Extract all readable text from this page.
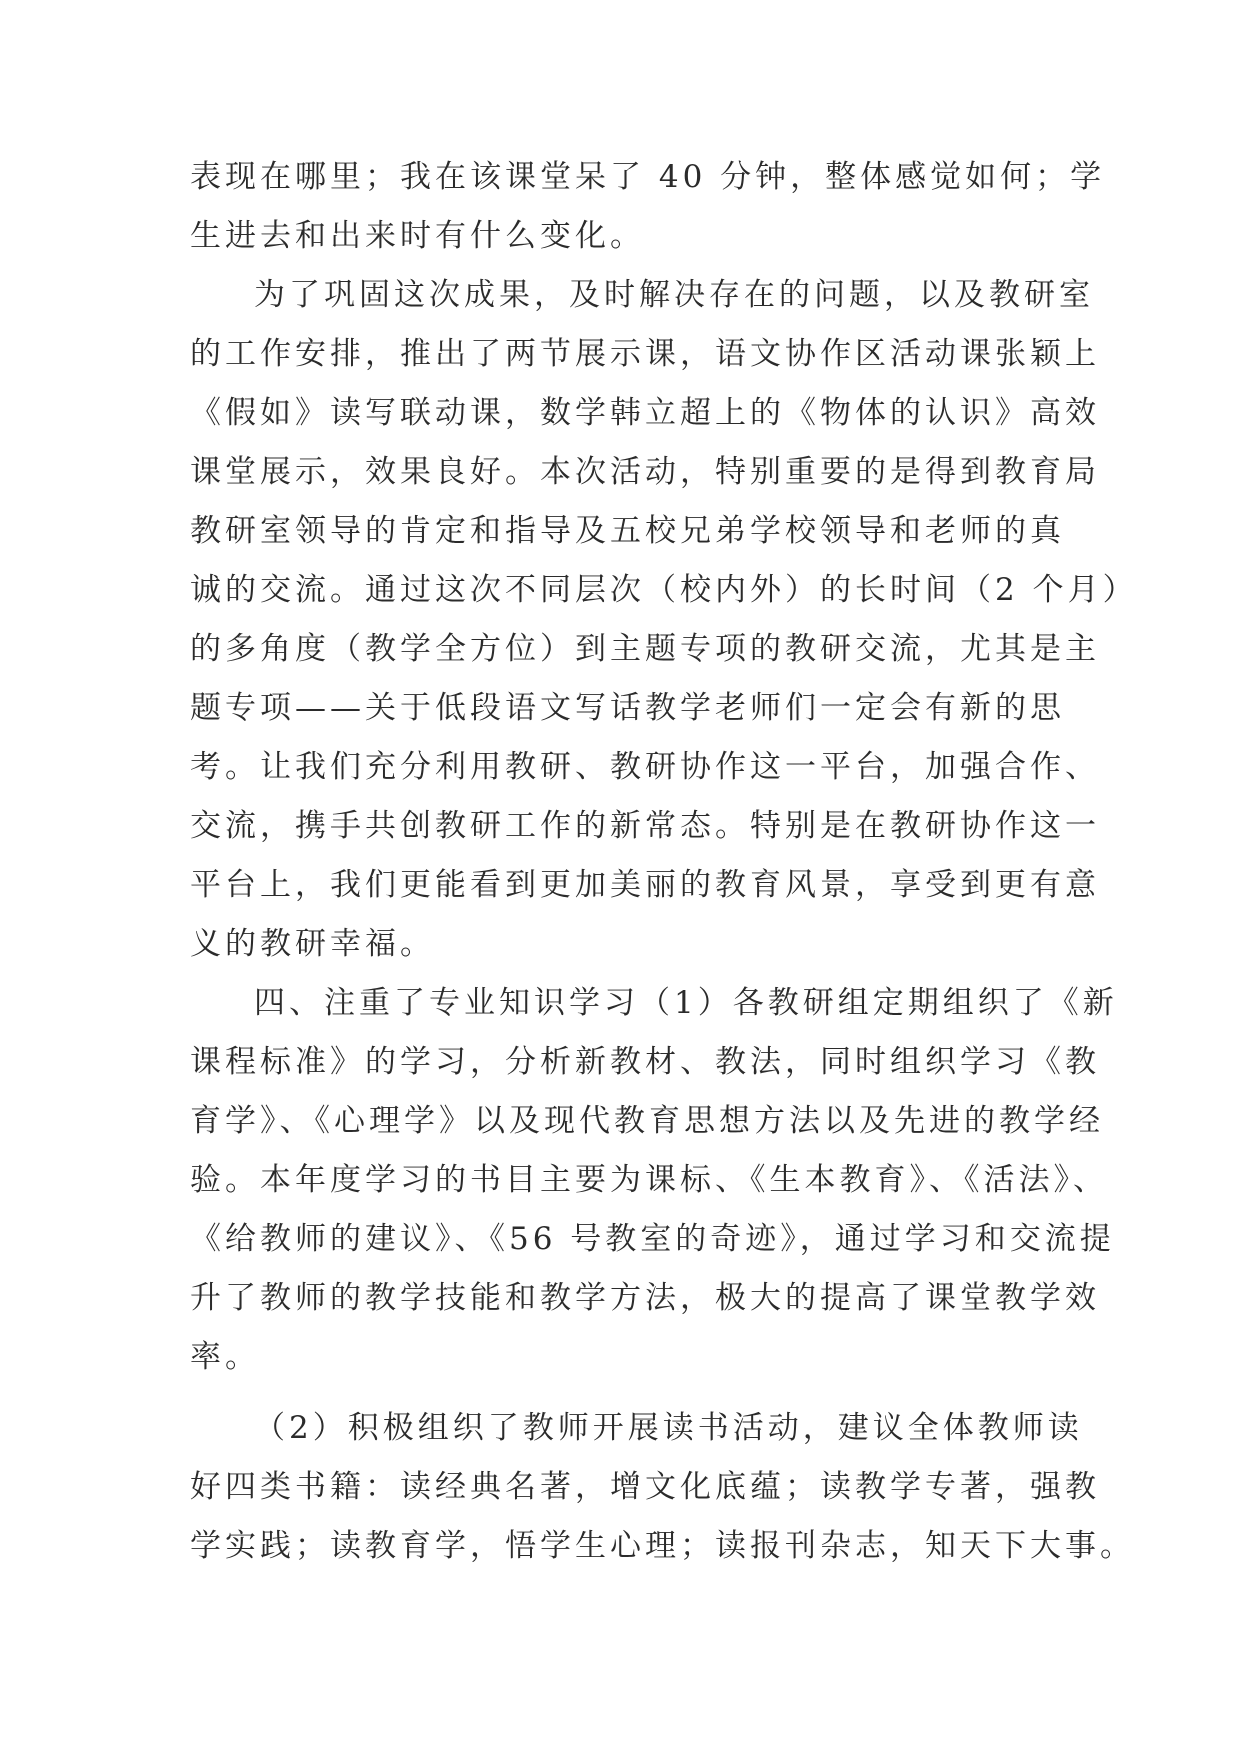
表现在哪里；我在该课堂呆了 40 分钟，整体感觉如何；学
生进去和出来时有什么变化。
为了巩固这次成果，及时解决存在的问题，以及教研室
的工作安排，推出了两节展示课，语文协作区活动课张颖上
《假如》读写联动课，数学韩立超上的《物体的认识》高效
课堂展示，效果良好。本次活动，特别重要的是得到教育局
教研室领导的肯定和指导及五校兄弟学校领导和老师的真
诚的交流。通过这次不同层次（校内外）的长时间（2 个月）
的多角度（教学全方位）到主题专项的教研交流，尤其是主
题专项——关于低段语文写话教学老师们一定会有新的思
考。让我们充分利用教研、教研协作这一平台，加强合作、
交流，携手共创教研工作的新常态。特别是在教研协作这一
平台上，我们更能看到更加美丽的教育风景，享受到更有意
义的教研幸福。
四、注重了专业知识学习（1）各教研组定期组织了《新
课程标准》的学习，分析新教材、教法，同时组织学习《教
育学》、《心理学》以及现代教育思想方法以及先进的教学经
验。本年度学习的书目主要为课标、《生本教育》、《活法》、
《给教师的建议》、《56 号教室的奇迹》，通过学习和交流提
升了教师的教学技能和教学方法，极大的提高了课堂教学效
率。
（2）积极组织了教师开展读书活动，建议全体教师读
好四类书籍：读经典名著，增文化底蕴；读教学专著，强教
学实践；读教育学，悟学生心理；读报刊杂志，知天下大事。
